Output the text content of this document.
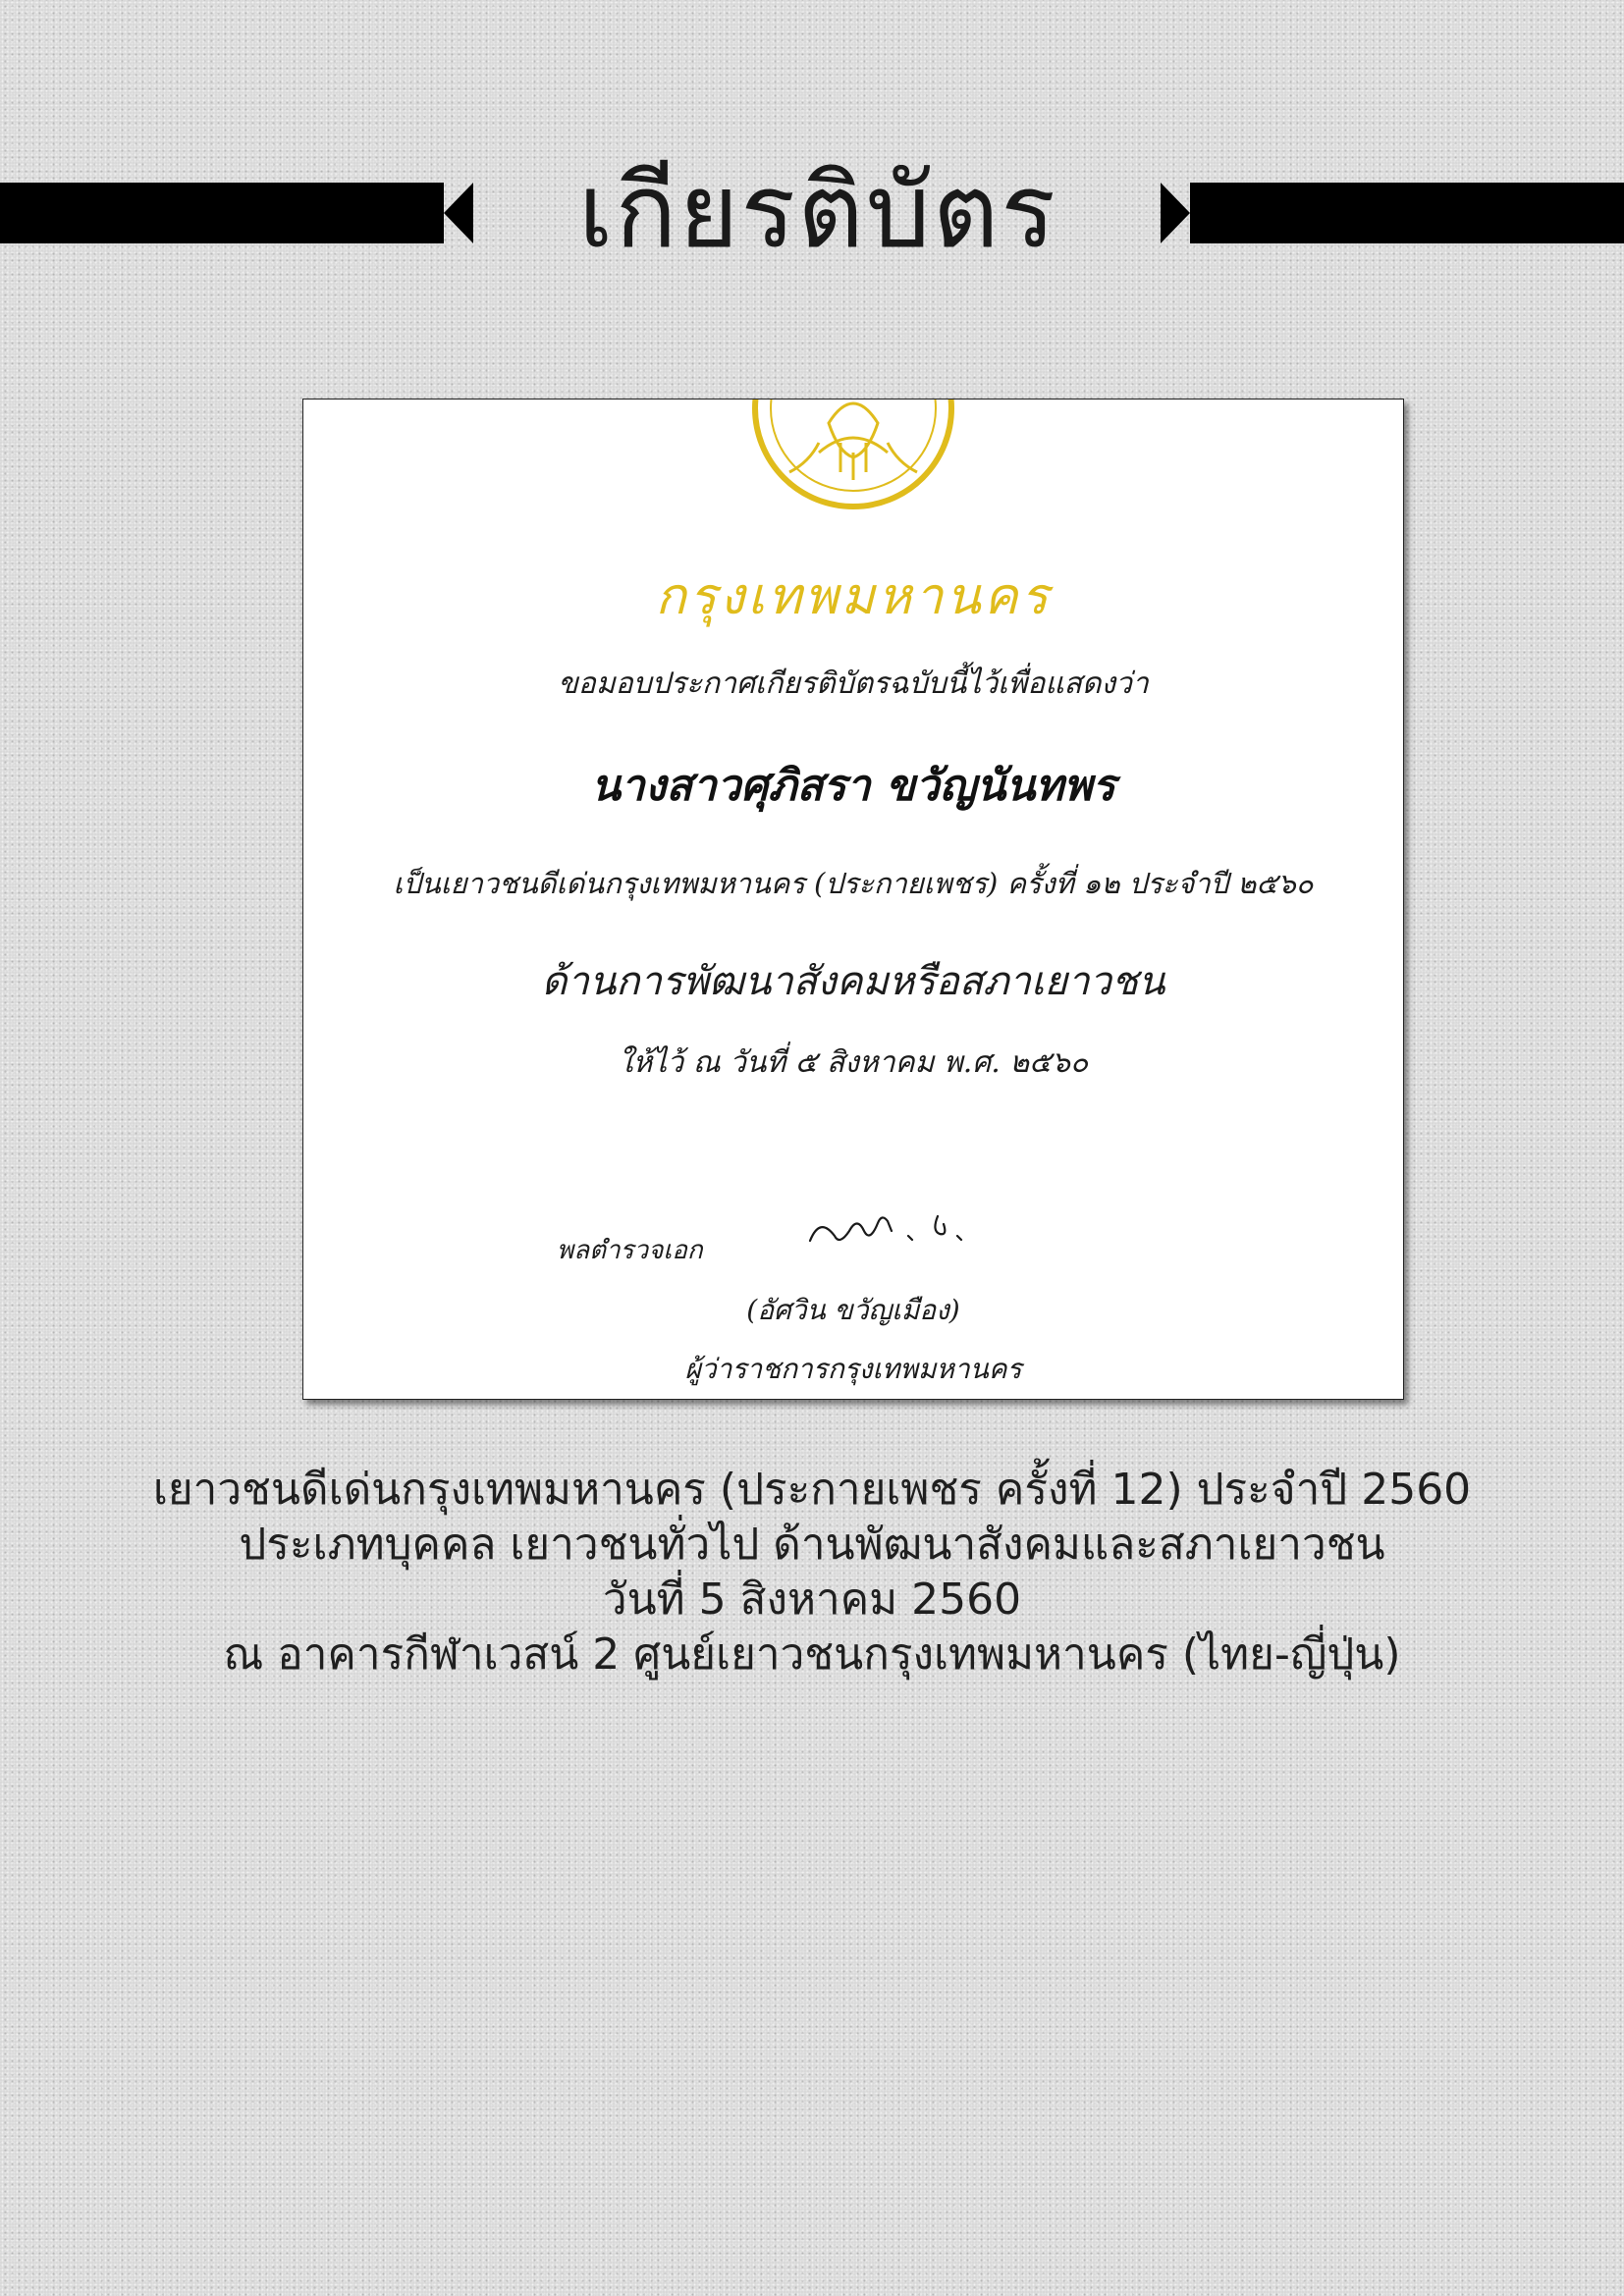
เกียรติบัตร
กรุงเทพมหานคร
ขอมอบประกาศเกียรติบัตรฉบับนี้ไว้เพื่อแสดงว่า
นางสาวศุภิสรา ขวัญนันทพร
เป็นเยาวชนดีเด่นกรุงเทพมหานคร (ประกายเพชร) ครั้งที่ ๑๒ ประจำปี ๒๕๖๐
ด้านการพัฒนาสังคมหรือสภาเยาวชน
ให้ไว้ ณ วันที่ ๕ สิงหาคม พ.ศ. ๒๕๖๐
พลตำรวจเอก
(อัศวิน ขวัญเมือง)
ผู้ว่าราชการกรุงเทพมหานคร
เยาวชนดีเด่นกรุงเทพมหานคร (ประกายเพชร ครั้งที่ 12) ประจำปี 2560
ประเภทบุคคล เยาวชนทั่วไป ด้านพัฒนาสังคมและสภาเยาวชน
วันที่ 5 สิงหาคม 2560
ณ อาคารกีฬาเวสน์ 2 ศูนย์เยาวชนกรุงเทพมหานคร (ไทย-ญี่ปุ่น)
